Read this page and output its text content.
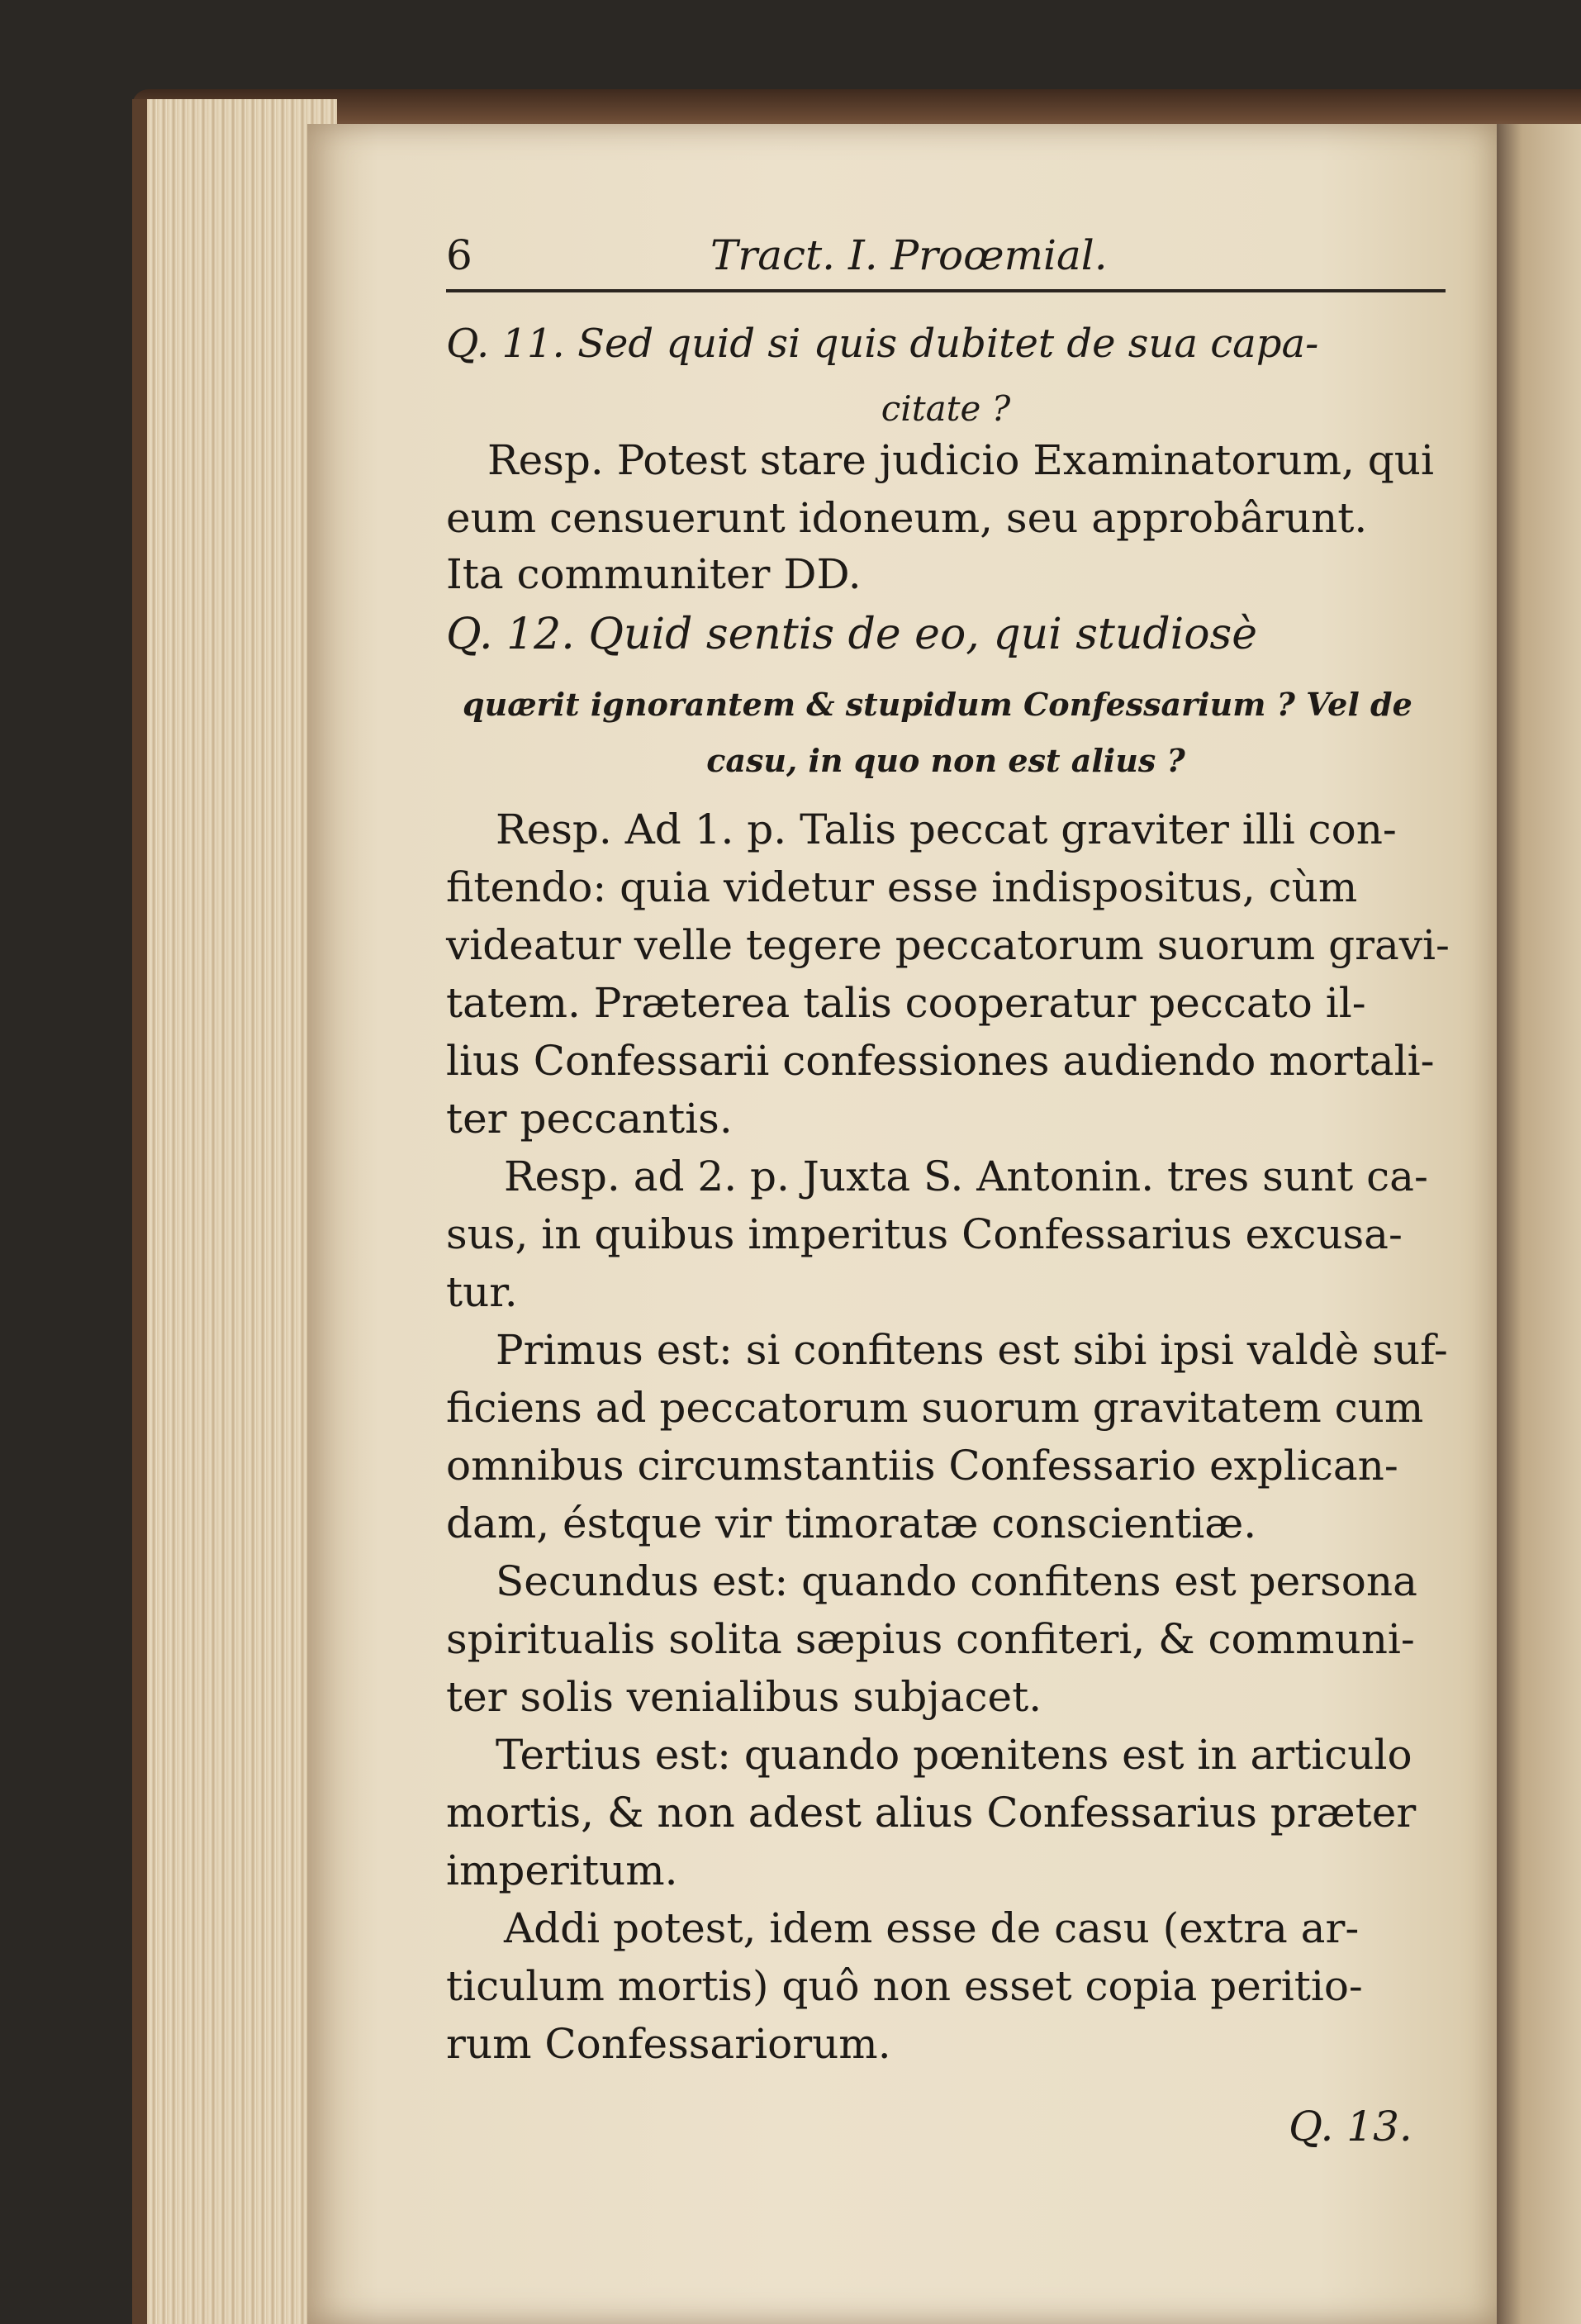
6	Tract. I. Proœmial.
Q. 11. Sed quid si quis dubitet de sua capa-
citate ?
Resp. Potest stare judicio Examinatorum, qui
eum censuerunt idoneum, seu approbârunt.
Ita communiter DD.
Q. 12. Quid sentis de eo, qui studiosè
quærit ignorantem & stupidum Confessarium ? Vel de
casu, in quo non est alius ?
Resp. Ad 1. p. Talis peccat graviter illi con-
fitendo: quia videtur esse indispositus, cùm
videatur velle tegere peccatorum suorum gravi-
tatem. Præterea talis cooperatur peccato il-
lius Confessarii confessiones audiendo mortali-
ter peccantis.
Resp. ad 2. p. Juxta S. Antonin. tres sunt ca-
sus, in quibus imperitus Confessarius excusa-
tur.
Primus est: si confitens est sibi ipsi valdè suf-
ficiens ad peccatorum suorum gravitatem cum
omnibus circumstantiis Confessario explican-
dam, éstque vir timoratæ conscientiæ.
Secundus est: quando confitens est persona
spiritualis solita sæpius confiteri, & communi-
ter solis venialibus subjacet.
Tertius est: quando pœnitens est in articulo
mortis, & non adest alius Confessarius præter
imperitum.
Addi potest, idem esse de casu (extra ar-
ticulum mortis) quô non esset copia peritio-
rum Confessariorum.
Q. 13.
